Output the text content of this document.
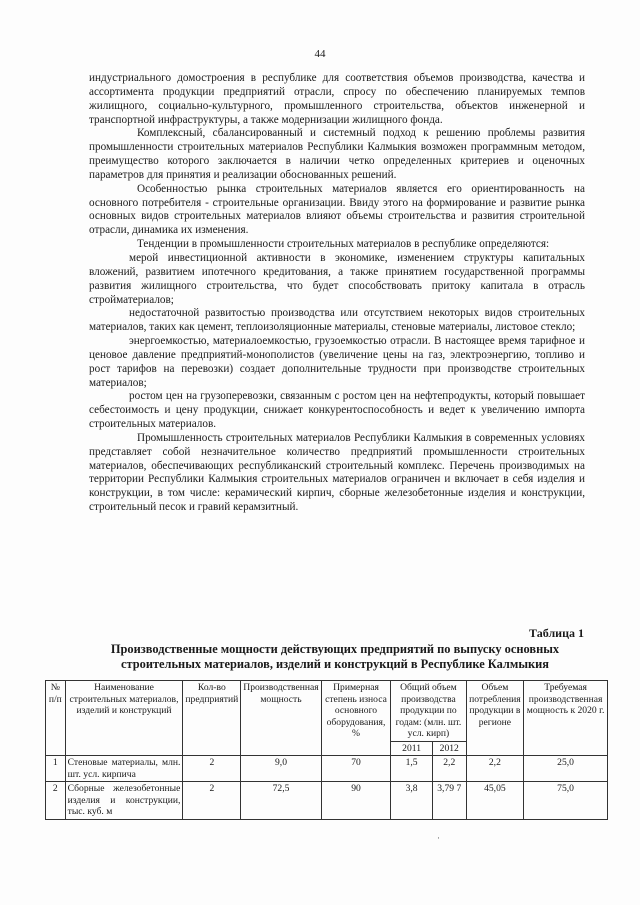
44

индустриального домостроения в республике для соответствия объемов производства, качества и ассортимента продукции предприятий отрасли, спросу по обеспечению планируемых темпов жилищного, социально-культурного, промышленного строительства, объектов инженерной и транспортной инфраструктуры, а также модернизации жилищного фонда.

Комплексный, сбалансированный и системный подход к решению проблемы развития промышленности строительных материалов Республики Калмыкия возможен программным методом, преимущество которого заключается в наличии четко определенных критериев и оценочных параметров для принятия и реализации обоснованных решений.

Особенностью рынка строительных материалов является его ориентированность на основного потребителя - строительные организации. Ввиду этого на формирование и развитие рынка основных видов строительных материалов влияют объемы строительства и развития строительной отрасли, динамика их изменения.

Тенденции в промышленности строительных материалов в республике определяются:

мерой инвестиционной активности в экономике, изменением структуры капитальных вложений, развитием ипотечного кредитования, а также принятием государственной программы развития жилищного строительства, что будет способствовать притоку капитала в отрасль стройматериалов;

недостаточной развитостью производства или отсутствием некоторых видов строительных материалов, таких как цемент, теплоизоляционные материалы, стеновые материалы, листовое стекло;

энергоемкостью, материалоемкостью, грузоемкостью отрасли. В настоящее время тарифное и ценовое давление предприятий-монополистов (увеличение цены на газ, электроэнергию, топливо и рост тарифов на перевозки) создает дополнительные трудности при производстве строительных материалов;

ростом цен на грузоперевозки, связанным с ростом цен на нефтепродукты, который повышает себестоимость и цену продукции, снижает конкурентоспособность и ведет к увеличению импорта строительных материалов.

Промышленность строительных материалов Республики Калмыкия в современных условиях представляет собой незначительное количество предприятий промышленности строительных материалов, обеспечивающих республиканский строительный комплекс. Перечень производимых на территории Республики Калмыкия строительных материалов ограничен и включает в себя изделия и конструкции, в том числе: керамический кирпич, сборные железобетонные изделия и конструкции, строительный песок и гравий керамзитный.

Таблица 1
Производственные мощности действующих предприятий по выпуску основных строительных материалов, изделий и конструкций в Республике Калмыкия
№ п/п	Наименование строительных материалов, изделий и конструкций	Кол-во предприятий	Производственная мощность	Примерная степень износа основного оборудования, %	Общий объем производства продукции по годам: (млн. шт. усл. кирп)		Объем потребления продукции в регионе	Требуемая производственная мощность к 2020 г.
					2011	2012		
1	Стеновые материалы, млн. шт. усл. кирпича	2	9,0	70	1,5	2,2	2,2	25,0
2	Сборные железобетонные изделия и конструкции, тыс. куб. м	2	72,5	90	3,8	3,79 7	45,05	75,0
·
